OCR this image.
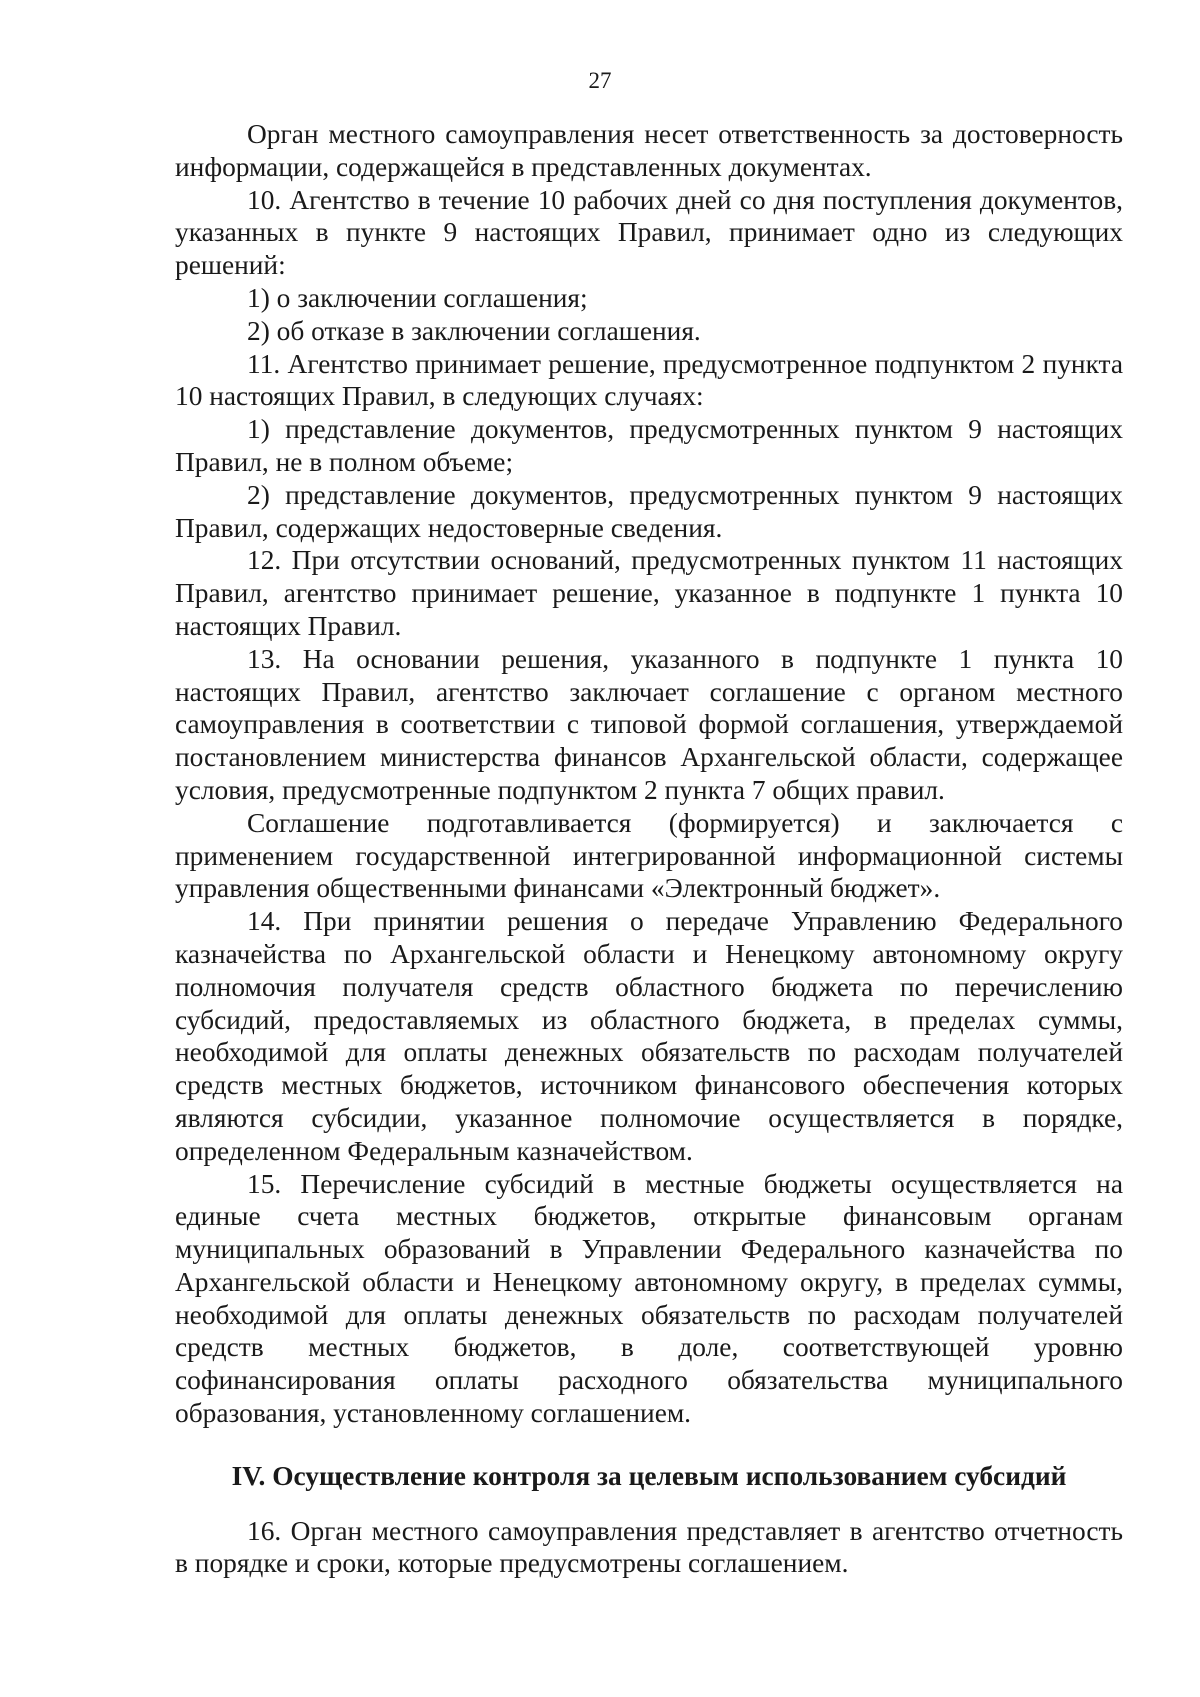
27

Орган местного самоуправления несет ответственность за достоверность информации, содержащейся в представленных документах.

10. Агентство в течение 10 рабочих дней со дня поступления документов, указанных в пункте 9 настоящих Правил, принимает одно из следующих решений:

1) о заключении соглашения;

2) об отказе в заключении соглашения.

11. Агентство принимает решение, предусмотренное подпунктом 2 пункта 10 настоящих Правил, в следующих случаях:

1) представление документов, предусмотренных пунктом 9 настоящих Правил, не в полном объеме;

2) представление документов, предусмотренных пунктом 9 настоящих Правил, содержащих недостоверные сведения.

12. При отсутствии оснований, предусмотренных пунктом 11 настоящих Правил, агентство принимает решение, указанное в подпункте 1 пункта 10 настоящих Правил.

13. На основании решения, указанного в подпункте 1 пункта 10 настоящих Правил, агентство заключает соглашение с органом местного самоуправления в соответствии с типовой формой соглашения, утверждаемой постановлением министерства финансов Архангельской области, содержащее условия, предусмотренные подпунктом 2 пункта 7 общих правил.

Соглашение подготавливается (формируется) и заключается с применением государственной интегрированной информационной системы управления общественными финансами «Электронный бюджет».

14. При принятии решения о передаче Управлению Федерального казначейства по Архангельской области и Ненецкому автономному округу полномочия получателя средств областного бюджета по перечислению субсидий, предоставляемых из областного бюджета, в пределах суммы, необходимой для оплаты денежных обязательств по расходам получателей средств местных бюджетов, источником финансового обеспечения которых являются субсидии, указанное полномочие осуществляется в порядке, определенном Федеральным казначейством.

15. Перечисление субсидий в местные бюджеты осуществляется на единые счета местных бюджетов, открытые финансовым органам муниципальных образований в Управлении Федерального казначейства по Архангельской области и Ненецкому автономному округу, в пределах суммы, необходимой для оплаты денежных обязательств по расходам получателей средств местных бюджетов, в доле, соответствующей уровню софинансирования оплаты расходного обязательства муниципального образования, установленному соглашением.

IV. Осуществление контроля за целевым использованием субсидий

16. Орган местного самоуправления представляет в агентство отчетность в порядке и сроки, которые предусмотрены соглашением.
